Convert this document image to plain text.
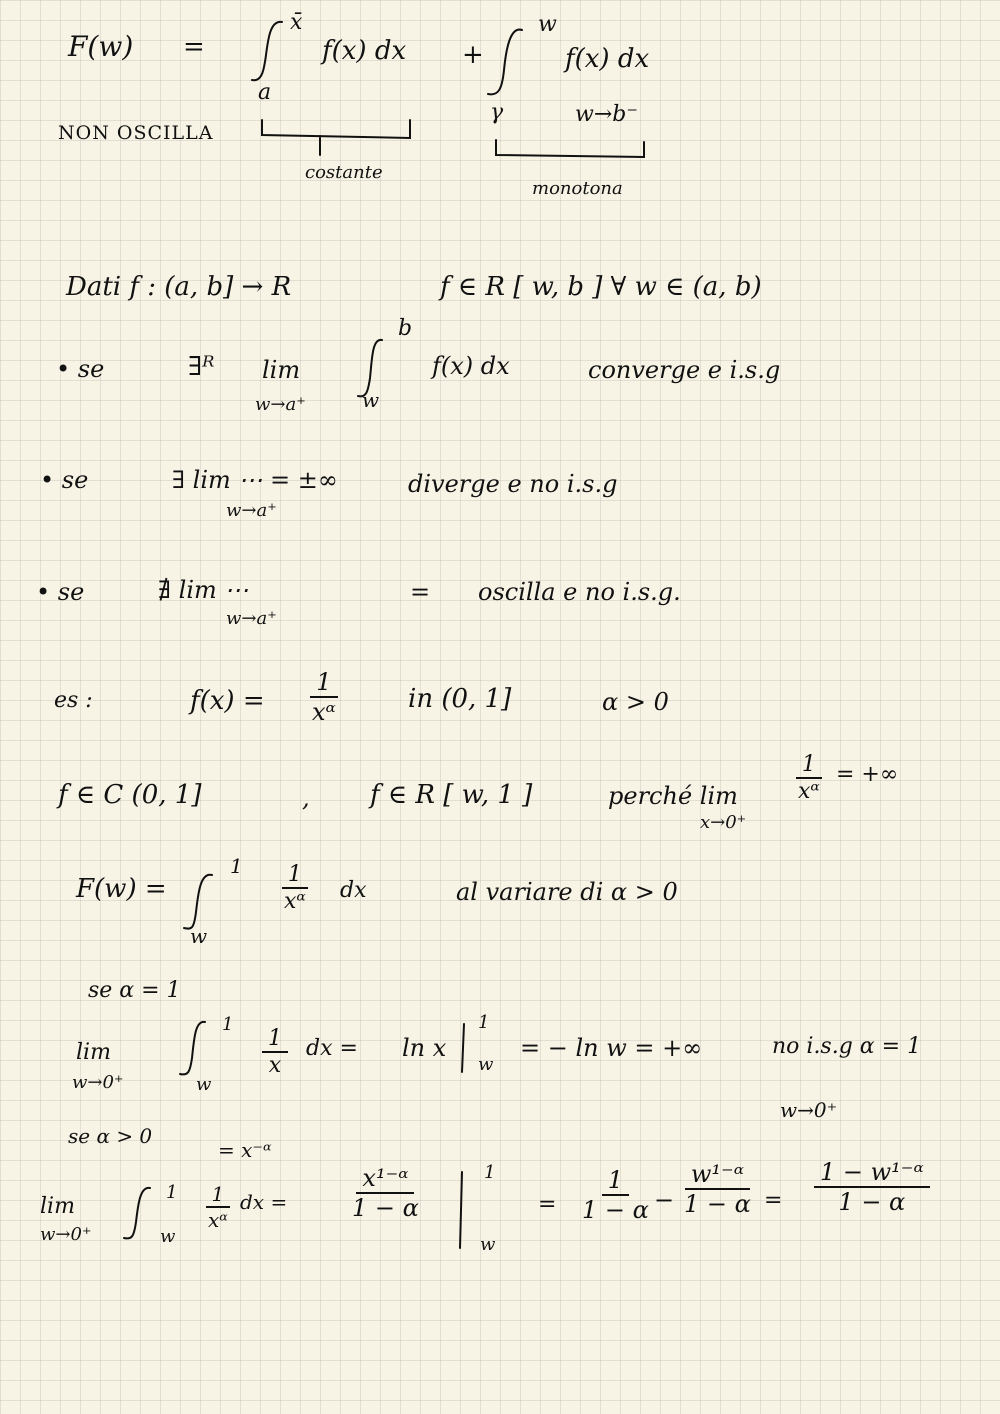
F(w) =
x̄
a
f(x) dx +
w
γ
f(x) dx
w→b⁻
NON OSCILLA
costante
monotona
Dati f : (a, b] → R	f ∈ R [ w, b ] ∀ w ∈ (a, b)
• se	∃ᴿ lim
w→a⁺
b
w
f(x) dx	converge e i.s.g
• se	∃ lim ⋯ = ±∞
w→a⁺
diverge e no i.s.g
• se	∄ lim ⋯
w→a⁺
= oscilla e no i.s.g.
es :	$f(x) = \frac{1}{\text{xᵅ}}$	in (0, 1]	α > 0
f ∈ C (0, 1]	, f ∈ R [ w, 1 ]	perché lim
x→0⁺
$\frac{1}{\text{xᵅ}}$ = +∞
F(w) =
1
w
$\frac{1}{\text{xᵅ}}$ dx	al variare di α > 0
se α = 1
lim
w→0⁺
1
w
$\frac{1}{x}$ dx = ln x
1
w
= − ln w = +∞	no i.s.g α = 1
w→0⁺
se α > 0
lim
w→0⁺
1
w
$\frac{1}{\text{xᵅ}}$
= x⁻ᵅ
dx = $\frac{\text{x¹⁻ᵅ}}{1 - \alpha}$	1
w
= $\frac{1}{1 - \alpha} - \frac{\text{w¹⁻ᵅ}}{1 - \alpha} = \frac{\text{1 − w¹⁻ᵅ}}{1 - \alpha}$
